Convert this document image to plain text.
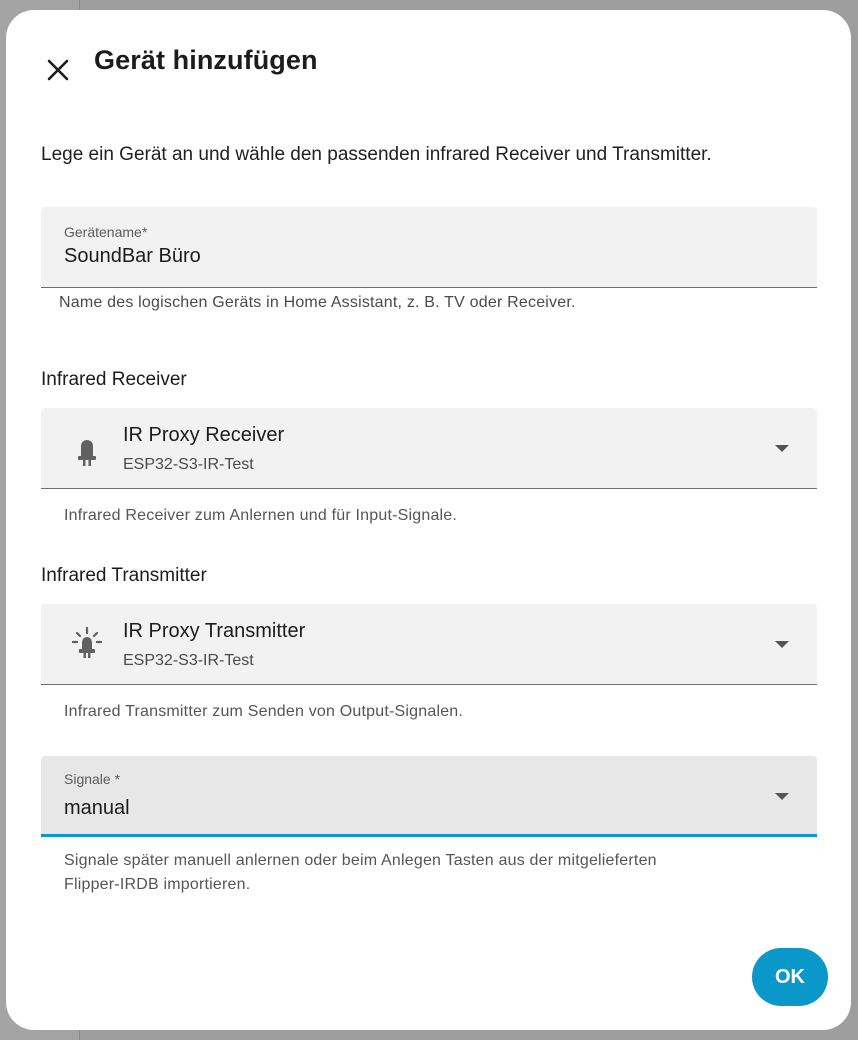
Gerät hinzufügen
Lege ein Gerät an und wähle den passenden infrared Receiver und Transmitter.
Gerätename*
SoundBar Büro
Name des logischen Geräts in Home Assistant, z. B. TV oder Receiver.
Infrared Receiver
IR Proxy Receiver
ESP32-S3-IR-Test
Infrared Receiver zum Anlernen und für Input-Signale.
Infrared Transmitter
IR Proxy Transmitter
ESP32-S3-IR-Test
Infrared Transmitter zum Senden von Output-Signalen.
Signale *
manual
Signale später manuell anlernen oder beim Anlegen Tasten aus der mitgelieferten
Flipper-IRDB importieren.
OK
